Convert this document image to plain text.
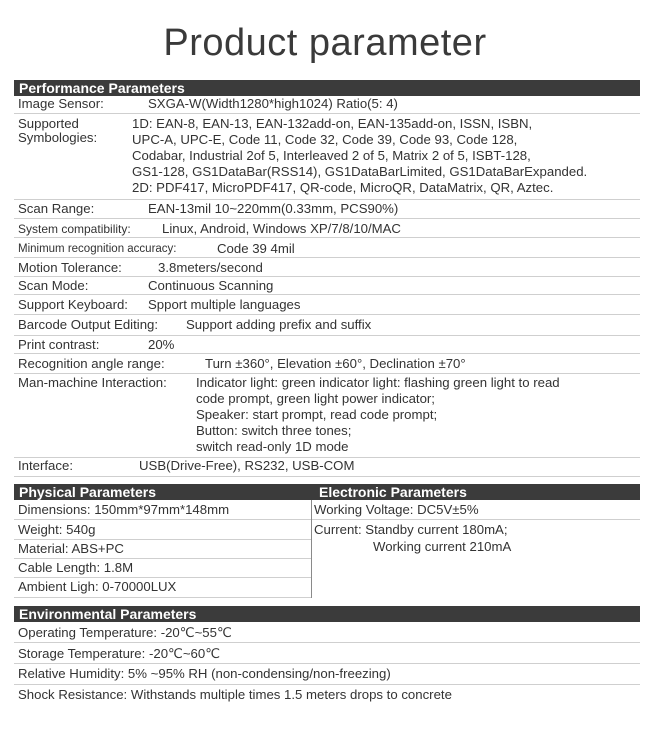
Product parameter
Performance Parameters
Image Sensor:	SXGA-W(Width1280*high1024) Ratio(5: 4)
Supported
Symbologies:
1D: EAN-8, EAN-13, EAN-132add-on, EAN-135add-on, ISSN, ISBN,
UPC-A, UPC-E, Code 11, Code 32, Code 39, Code 93, Code 128,
Codabar, Industrial 2of 5, Interleaved 2 of 5, Matrix 2 of 5, ISBT-128,
GS1-128, GS1DataBar(RSS14), GS1DataBarLimited, GS1DataBarExpanded.
2D: PDF417, MicroPDF417, QR-code, MicroQR, DataMatrix, QR, Aztec.
Scan Range:	EAN-13mil 10~220mm(0.33mm, PCS90%)
System compatibility: Linux, Android, Windows XP/7/8/10/MAC
Minimum recognition accuracy:	Code 39 4mil
Motion Tolerance:	3.8meters/second
Scan Mode:	Continuous Scanning
Support Keyboard: Spport multiple languages
Barcode Output Editing: Support adding prefix and suffix
Print contrast:	20%
Recognition angle range:	Turn ±360°, Elevation ±60°, Declination ±70°
Man-machine Interaction: Indicator light: green indicator light: flashing green light to read
code prompt, green light power indicator;
Speaker: start prompt, read code prompt;
Button: switch three tones;
switch read-only 1D mode
Interface:	USB(Drive-Free), RS232, USB-COM
Physical Parameters	Electronic Parameters
Dimensions: 150mm*97mm*148mm
Weight: 540g
Material: ABS+PC
Cable Length: 1.8M
Ambient Ligh: 0-70000LUX
Working Voltage: DC5V±5%
Current: Standby current 180mA;
Working current 210mA
Environmental Parameters
Operating Temperature: -20℃~55℃
Storage Temperature: -20℃~60℃
Relative Humidity: 5% ~95% RH (non-condensing/non-freezing)
Shock Resistance: Withstands multiple times 1.5 meters drops to concrete
